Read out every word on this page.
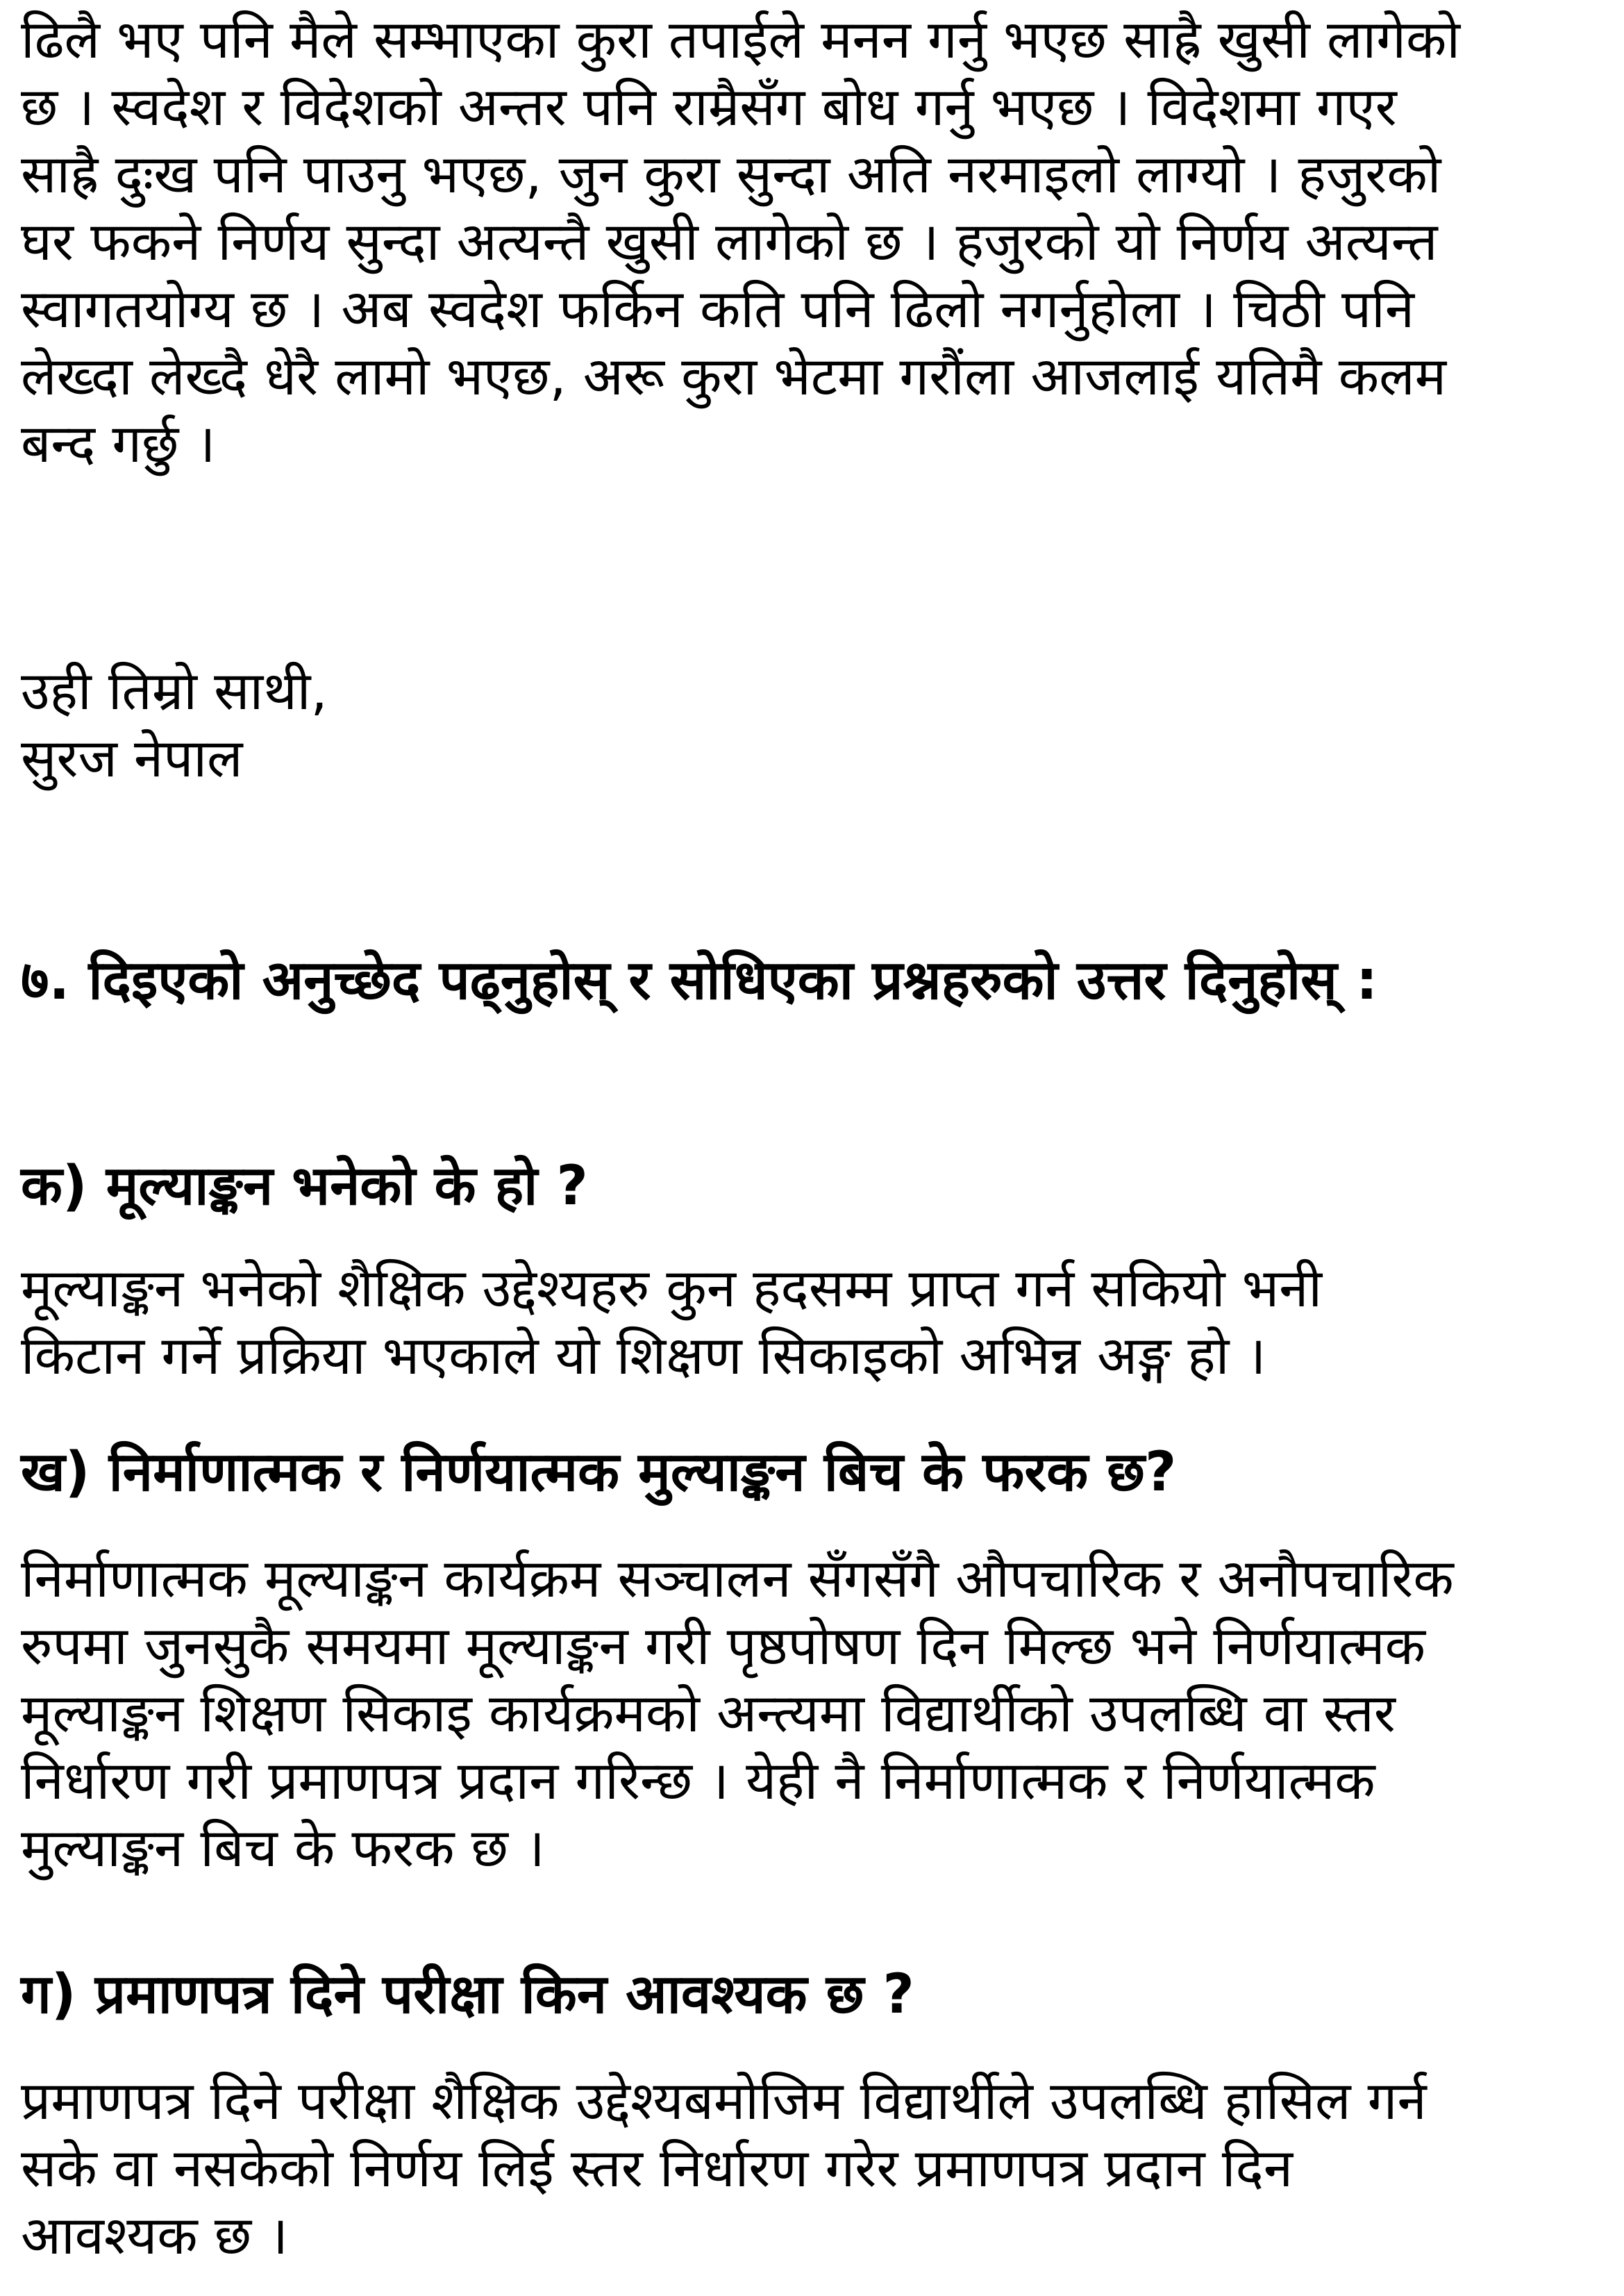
ढिलै भए पनि मैले सम्भाएका कुरा तपाईले मनन गर्नु भएछ साह्रै खुसी लागेको
छ । स्वदेश र विदेशको अन्तर पनि राम्रैसँग बोध गर्नु भएछ । विदेशमा गएर
साह्रै दुःख पनि पाउनु भएछ, जुन कुरा सुन्दा अति नरमाइलो लाग्यो । हजुरको
घर फकने निर्णय सुन्दा अत्यन्तै खुसी लागेको छ । हजुरको यो निर्णय अत्यन्त
स्वागतयोग्य छ । अब स्वदेश फर्किन कति पनि ढिलो नगर्नुहोला । चिठी पनि
लेख्दा लेख्दै धेरै लामो भएछ, अरू कुरा भेटमा गरौंला आजलाई यतिमै कलम
बन्द गर्छु ।
उही तिम्रो साथी,
सुरज नेपाल
७. दिइएको अनुच्छेद पढ्नुहोस् र सोधिएका प्रश्नहरुको उत्तर दिनुहोस् :
क) मूल्याङ्कन भनेको के हो ?
मूल्याङ्कन भनेको शैक्षिक उद्देश्यहरु कुन हदसम्म प्राप्त गर्न सकियो भनी
किटान गर्ने प्रक्रिया भएकाले यो शिक्षण सिकाइको अभिन्न अङ्ग हो ।
ख) निर्माणात्मक र निर्णयात्मक मुल्याङ्कन बिच के फरक छ?
निर्माणात्मक मूल्याङ्कन कार्यक्रम सञ्चालन सँगसँगै औपचारिक र अनौपचारिक
रुपमा जुनसुकै समयमा मूल्याङ्कन गरी पृष्ठपोषण दिन मिल्छ भने निर्णयात्मक
मूल्याङ्कन शिक्षण सिकाइ कार्यक्रमको अन्त्यमा विद्यार्थीको उपलब्धि वा स्तर
निर्धारण गरी प्रमाणपत्र प्रदान गरिन्छ । येही नै निर्माणात्मक र निर्णयात्मक
मुल्याङ्कन बिच के फरक छ ।
ग) प्रमाणपत्र दिने परीक्षा किन आवश्यक छ ?
प्रमाणपत्र दिने परीक्षा शैक्षिक उद्देश्यबमोजिम विद्यार्थीले उपलब्धि हासिल गर्न
सके वा नसकेको निर्णय लिई स्तर निर्धारण गरेर प्रमाणपत्र प्रदान दिन
आवश्यक छ ।
